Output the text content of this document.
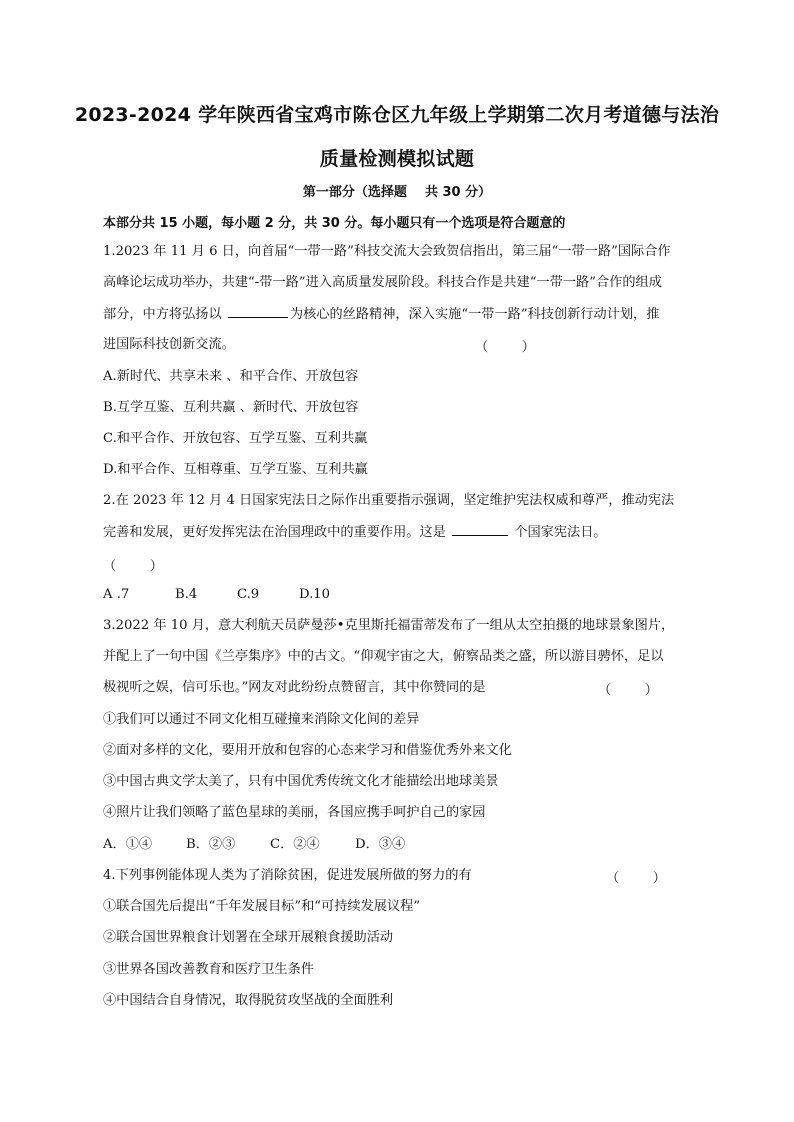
2023-2024 学年陕西省宝鸡市陈仓区九年级上学期第二次月考道德与法治
质量检测模拟试题
第一部分（选择题    共 30 分）
本部分共 15 小题，每小题 2 分，共 30 分。每小题只有一个选项是符合题意的
1.2023 年 11 月 6 日，向首届“一带一路”科技交流大会致贺信指出，第三届“一带一路”国际合作
高峰论坛成功举办，共建“-带一路”进入高质量发展阶段。科技合作是共建“一带一路”合作的组成
部分，中方将弘扬以	为核心的丝路精神，深入实施“一带一路”科技创新行动计划，推
进国际科技创新交流。	（        ）
A.新时代、共享未来 、和平合作、开放包容
B.互学互鉴、互利共赢 、新时代、开放包容
C.和平合作、开放包容、互学互鉴、互利共赢
D.和平合作、互相尊重、互学互鉴、互利共赢
2.在 2023 年 12 月 4 日国家宪法日之际作出重要指示强调，坚定维护宪法权威和尊严，推动宪法
完善和发展，更好发挥宪法在治国理政中的重要作用。这是	个国家宪法日。
（        ）
A .7	B.4	C.9	D.10
3.2022 年 10 月，意大利航天员萨曼莎•克里斯托福雷蒂发布了一组从太空拍摄的地球景象图片，
并配上了一句中国《兰亭集序》中的古文。“仰观宇宙之大，俯察品类之盛，所以游目骋怀，足以
极视听之娱，信可乐也。”网友对此纷纷点赞留言，其中你赞同的是	（        ）
①我们可以通过不同文化相互碰撞来消除文化间的差异
②面对多样的文化，要用开放和包容的心态来学习和借鉴优秀外来文化
③中国古典文学太美了，只有中国优秀传统文化才能描绘出地球美景
④照片让我们领略了蓝色星球的美丽，各国应携手呵护自己的家园
A．①④	B．②③	C．②④	D．③④
4.下列事例能体现人类为了消除贫困，促进发展所做的努力的有	（        ）
①联合国先后提出“千年发展目标”和“可持续发展议程”
②联合国世界粮食计划署在全球开展粮食援助活动
③世界各国改善教育和医疗卫生条件
④中国结合自身情况，取得脱贫攻坚战的全面胜利
